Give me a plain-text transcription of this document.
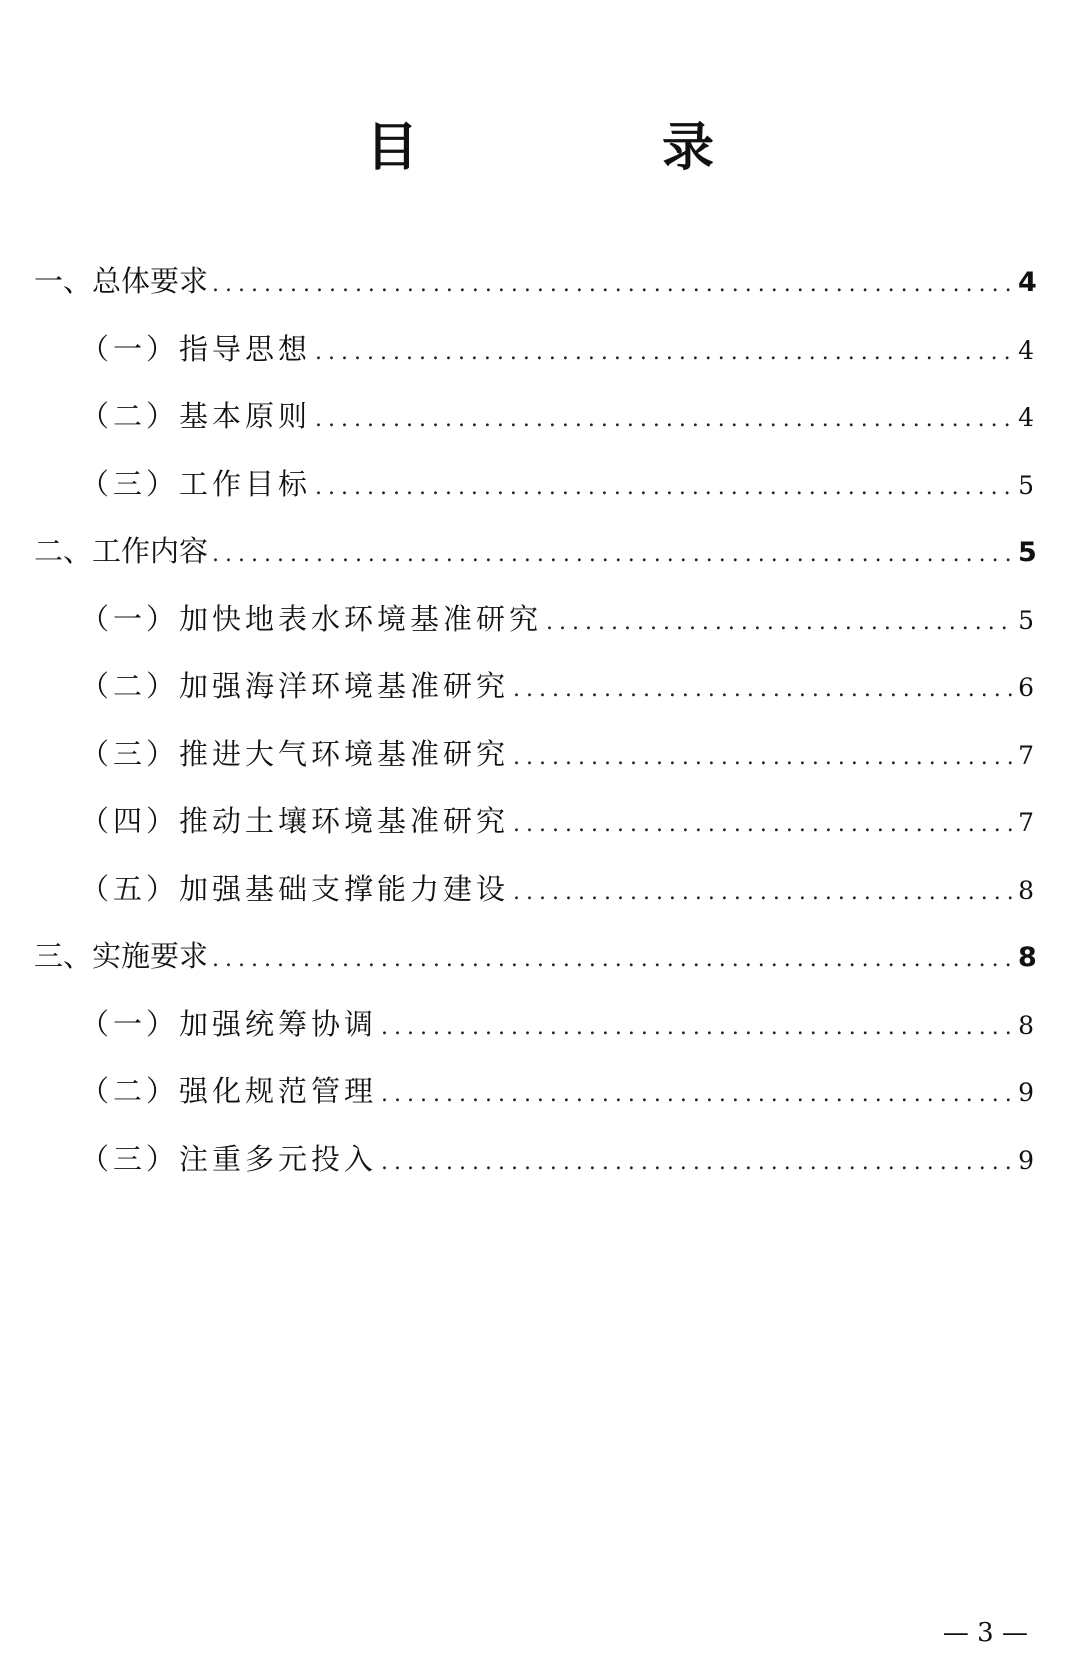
目　录
一、总体要求 .....	4
（一）指导思想 .....	4
（二）基本原则 .....	4
（三）工作目标 .....	5
二、工作内容 .....	5
（一）加快地表水环境基准研究 .....	5
（二）加强海洋环境基准研究 .....	6
（三）推进大气环境基准研究 .....	7
（四）推动土壤环境基准研究 .....	7
（五）加强基础支撑能力建设 .....	8
三、实施要求 .....	8
（一）加强统筹协调 .....	8
（二）强化规范管理 .....	9
（三）注重多元投入 .....	9
— 3 —
